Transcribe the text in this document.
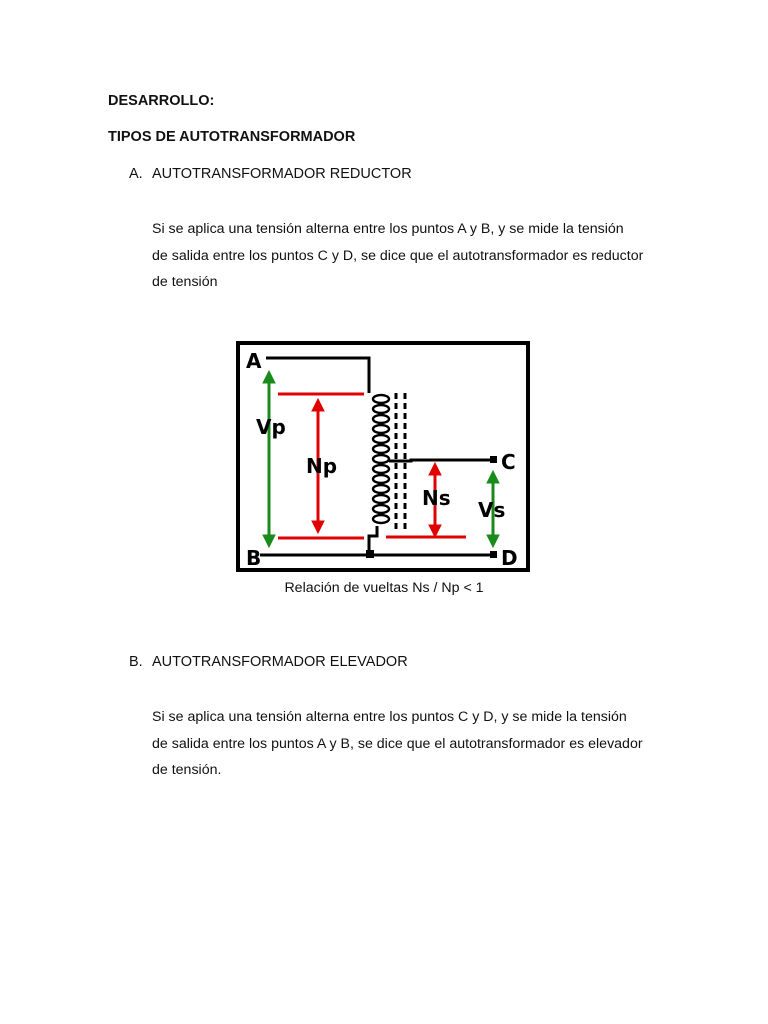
DESARROLLO:
TIPOS DE AUTOTRANSFORMADOR
A. AUTOTRANSFORMADOR REDUCTOR
Si se aplica una tensión alterna entre los puntos A y B, y se mide la tensión
de salida entre los puntos C y D, se dice que el autotransformador es reductor
de tensión
A
B
C
D
Vp
Np
Ns Vs
Relación de vueltas Ns / Np < 1
B. AUTOTRANSFORMADOR ELEVADOR
Si se aplica una tensión alterna entre los puntos C y D, y se mide la tensión
de salida entre los puntos A y B, se dice que el autotransformador es elevador
de tensión.
